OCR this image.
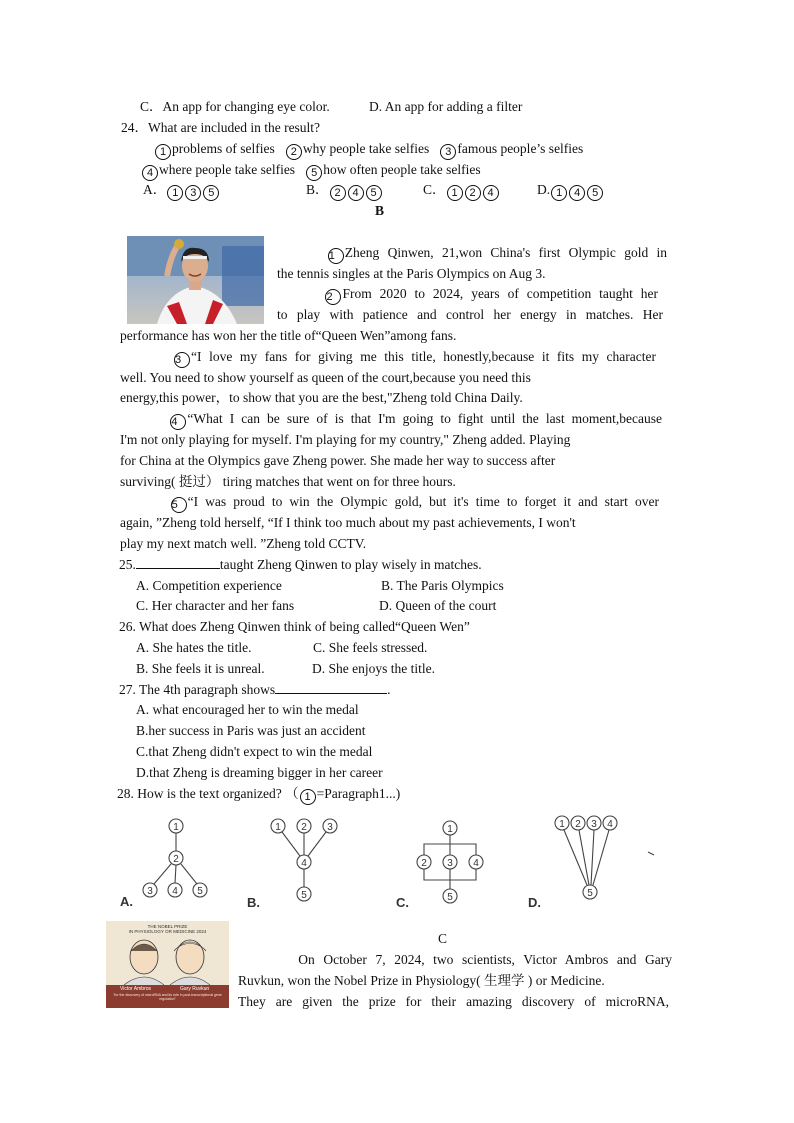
C．An app for changing eye color.	D. An app for adding a filter
24．What are included in the result?
1 problems of selfies 2 why people take selfies 3 famous people’s selfies
4 where people take selfies 5 how often people take selfies
A． 1 3 5	B． 2 4 5	C． 1 2 4	D. 1 4 5
B
1 Zheng Qinwen, 21,won China's first Olympic gold in
the tennis singles at the Paris Olympics on Aug 3.
2 From 2020 to 2024, years of competition taught her
to play with patience and control her energy in matches. Her
performance has won her the title of“Queen Wen”among fans.
3 “I love my fans for giving me this title, honestly,because it fits my character
well. You need to show yourself as queen of the court,because you need this
energy,this power，to show that you are the best,"Zheng told China Daily.
4 “What I can be sure of is that I'm going to fight until the last moment,because
I'm not only playing for myself. I'm playing for my country," Zheng added. Playing
for China at the Olympics gave Zheng power. She made her way to success after
surviving( 挺过） tiring matches that went on for three hours.
5 “I was proud to win the Olympic gold, but it's time to forget it and start over
again, ”Zheng told herself, “If I think too much about my past achievements, I won't
play my next match well. ”Zheng told CCTV.
25.	taught Zheng Qinwen to play wisely in matches.
A. Competition experience	B. The Paris Olympics
C. Her character and her fans	D. Queen of the court
26. What does Zheng Qinwen think of being called“Queen Wen”
A. She hates the title.	C. She feels stressed.
B. She feels it is unreal.	D. She enjoys the title.
27. The 4th paragraph shows	.
A. what encouraged her to win the medal
B.her success in Paris was just an accident
C.that Zheng didn't expect to win the medal
D.that Zheng is dreaming bigger in her career
28. How is the text organized? （ 1 =Paragraph1...)
1
2
3 4 5
1 2 3
4
5
1
2 3 4
5
1 2 3 4
5
A.	B.	C.	D.
THE NOBEL PRIZE
IN PHYSIOLOGY OR MEDICINE 2024
Victor Ambros	Gary Ruvkun
"for the discovery of microRNA and its role in post-transcriptional gene regulation"
C
On October 7, 2024, two scientists, Victor Ambros and Gary
Ruvkun, won the Nobel Prize in Physiology( 生理学 ) or Medicine.
They are given the prize for their amazing discovery of microRNA,
